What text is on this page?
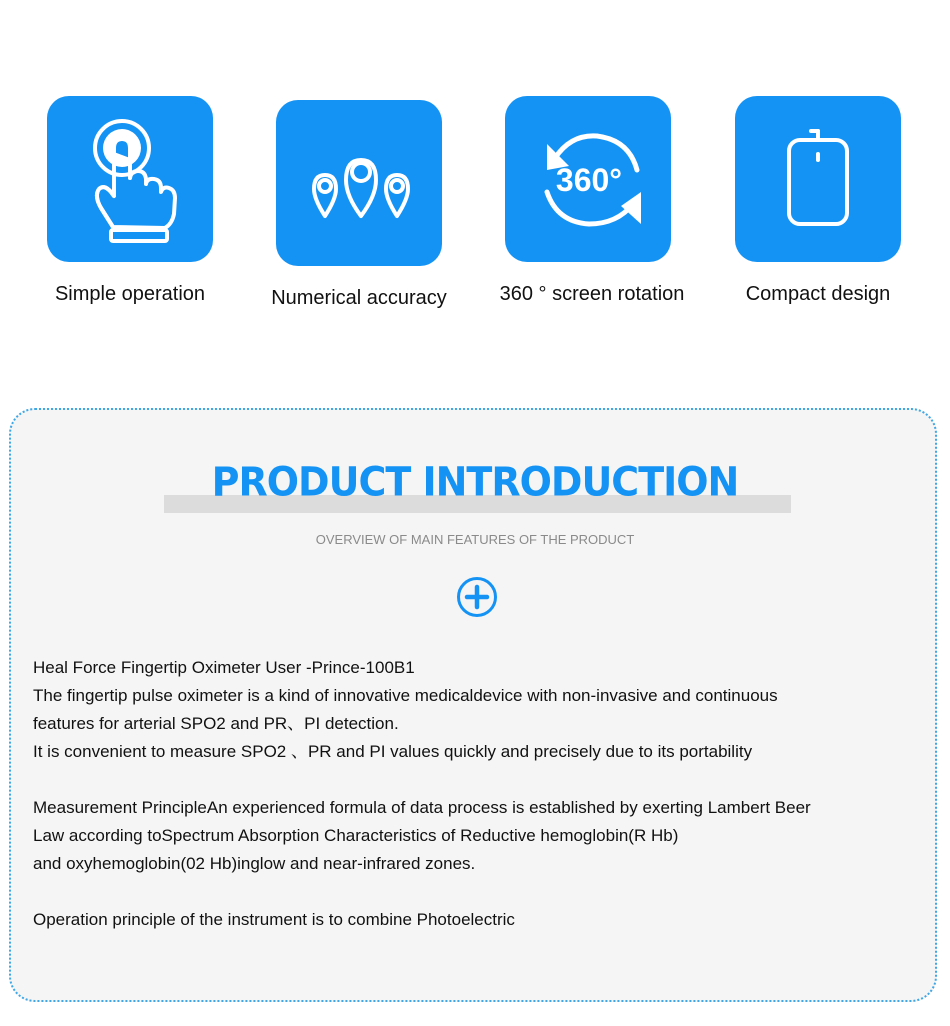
Simple operation	Numerical accuracy
360°
360 ° screen rotation	Compact design
PRODUCT INTRODUCTION
OVERVIEW OF MAIN FEATURES OF THE PRODUCT

Heal Force Fingertip Oximeter User -Prince-100B1

The fingertip pulse oximeter is a kind of innovative medicaldevice with non-invasive and continuous

features for arterial SPO2 and PR、PI detection.

It is convenient to measure SPO2 、PR and PI values quickly and precisely due to its portability

Measurement PrincipleAn experienced formula of data process is established by exerting Lambert Beer

Law according toSpectrum Absorption Characteristics of Reductive hemoglobin(R Hb)

and oxyhemoglobin(02 Hb)inglow and near-infrared zones.

Operation principle of the instrument is to combine Photoelectric
